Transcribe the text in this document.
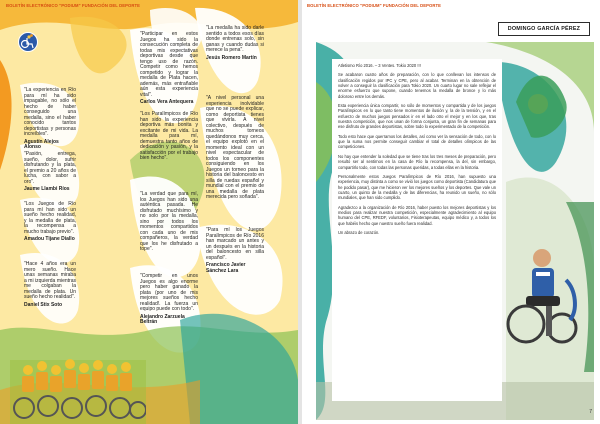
BOLETÍN ELECTRÓNICO "PODIUM" FUNDACIÓN DEL DEPORTE
"La experiencia en Río para mí ha sido impagable, no sólo el hecho de haber conseguido una medalla, sino el haber conocido tantos deportistas y personas increíbles".
Agustín Alejos Alonso
"Pasión, entrega, sueño, dolor, sufrir disfrutando y la plata, el premio a 20 años de lucha, con sabor a oro".
Jaume Llambi Ríos
"Los Juegos de Río para mí han sido un sueño hecho realidad, y la medalla de plata, la recompensa a mucho trabajo previo".
Amadou Tijane Diallo
"Hace 4 años era un mero sueño. Hace unas semanas miraba a mi izquierda mientras me colgaban la medalla de plata. Un sueño hecho realidad".
Daniel Stix Soto
"Participar en estos Juegos ha sido la consecución completa de todas mis expectativas deportivas desde que tengo uso de razón. Competir como hemos competido y lograr la medalla de Plata hacen, además, más entrañable aún esta experiencia vital".
Carlos Vera Antequera
"Los Paralímpicos de Río han sido la experiencia deportiva más bonita y excitante de mi vida. La medalla para mí, demuestra tanto años de dedicación y pasión, y la satisfacción por el trabajo bien hecho".
"La verdad que para mí, los Juegos han sido una auténtica pasada. He disfrutado muchísimo y no solo por la medalla, sino por todos los momentos compartidos con cada uno de mis compañeros, la verdad que los he disfrutado a tope".
"Competir en unos Juegos es algo enorme pero haber ganado la plata (por uno de mis mejores sueños hecho realidad!. La fuerza un equipo puede con todo".
Alejandro Zarzuela Beltrán
"La medalla ha sido darle sentido a todos esos días donde entrenas solo, sin ganas y cuando dudas si merece la pena".
Jesús Romero Martín
"A nivel personal una experiencia inolvidable que no se puede explicar, como deportista tienes que vivirla. A nivel colectivo, después de muchos torneos quedándonos muy cerca, el equipo explotó en el momento ideal con un nivel espectacular de todos los componentes consiguiendo en los Juegos un torneo para la historia del baloncesto en silla de ruedas español y mundial con el premio de una medalla de plata merecida pero soñada".
"Para mí los Juegos Paralímpicos de Río 2016 han marcado un antes y un después en la historia del baloncesto en silla español".
Francisco Javier Sánchez Lara
BOLETÍN ELECTRÓNICO "PODIUM" FUNDACIÓN DEL DEPORTE
DOMINGO GARCÍA PÉREZ

Atletismo Río 2016. – 3 Ventes. Tokio 2020 !!!

Se acabaron cuatro años de preparación, con lo que conllevan los intensos de clasificación regidos por IPC y CPE, pero al acabar. Terminan en la obtención de volver a conseguir la clasificación para Tokio 2020. Un cuarto lugar no sale reflejar el enorme esfuerzo que supone, cuando tenemos la medalla de bronce y lo más doloroso entre los demás.

Esta experiencia única compartir, no sólo de momentos y compartida y de los juegos Paralímpicos en lo que tanto tiene momentos de ilusión y, la de la tensión, y en el esfuerzo de muchos juegos pensados ir en el lado otro el mejor y en los que, tras nuestra competición, que nos unan de forma conjunta, un gran fin de semanas para ese disfruto de grandes deportistas, sobre todo lo experimentado de la competición.

Todo esto hace que querramos los detalles, así como ver la sensación de todo, con lo que la suma nos permite conseguir cambiar el total de detalles olímpicos de las competiciones.

No hay que entender la soledad que se tiene tras los tres meses de preparación, pero resultó ser al sentirnos en la casa de Río la recompensa, la del, sin embargo, compartirlo todo, con todas las personas queridas, a todas ellas en la historia.

Personalmente estos Juegos Paralímpicos de Río 2016, han supuesto una experiencia, muy distinta a como se vivió los juegos como deportista (Candidatura que he podido pasar), que me hicieron ver los mejores sueños y los deportes. Que vale un cuarto, un quinto de la medalla y de las diferencias, ha reunido un sueño, no sólo mundiales, que han sido cumplido.

Agradezco a la organización de Río 2016, haber puesto los mejores deportistas y los medios para realizar nuestra competición, especialmente agradecimiento al equipo humano del CPE, RFEDF, voluntarios, Fisioterapeutas, equipo médico y, a todos los que habéis hecho que nuestro sueño fuera realidad.

Un abrazo de corazón.

7
